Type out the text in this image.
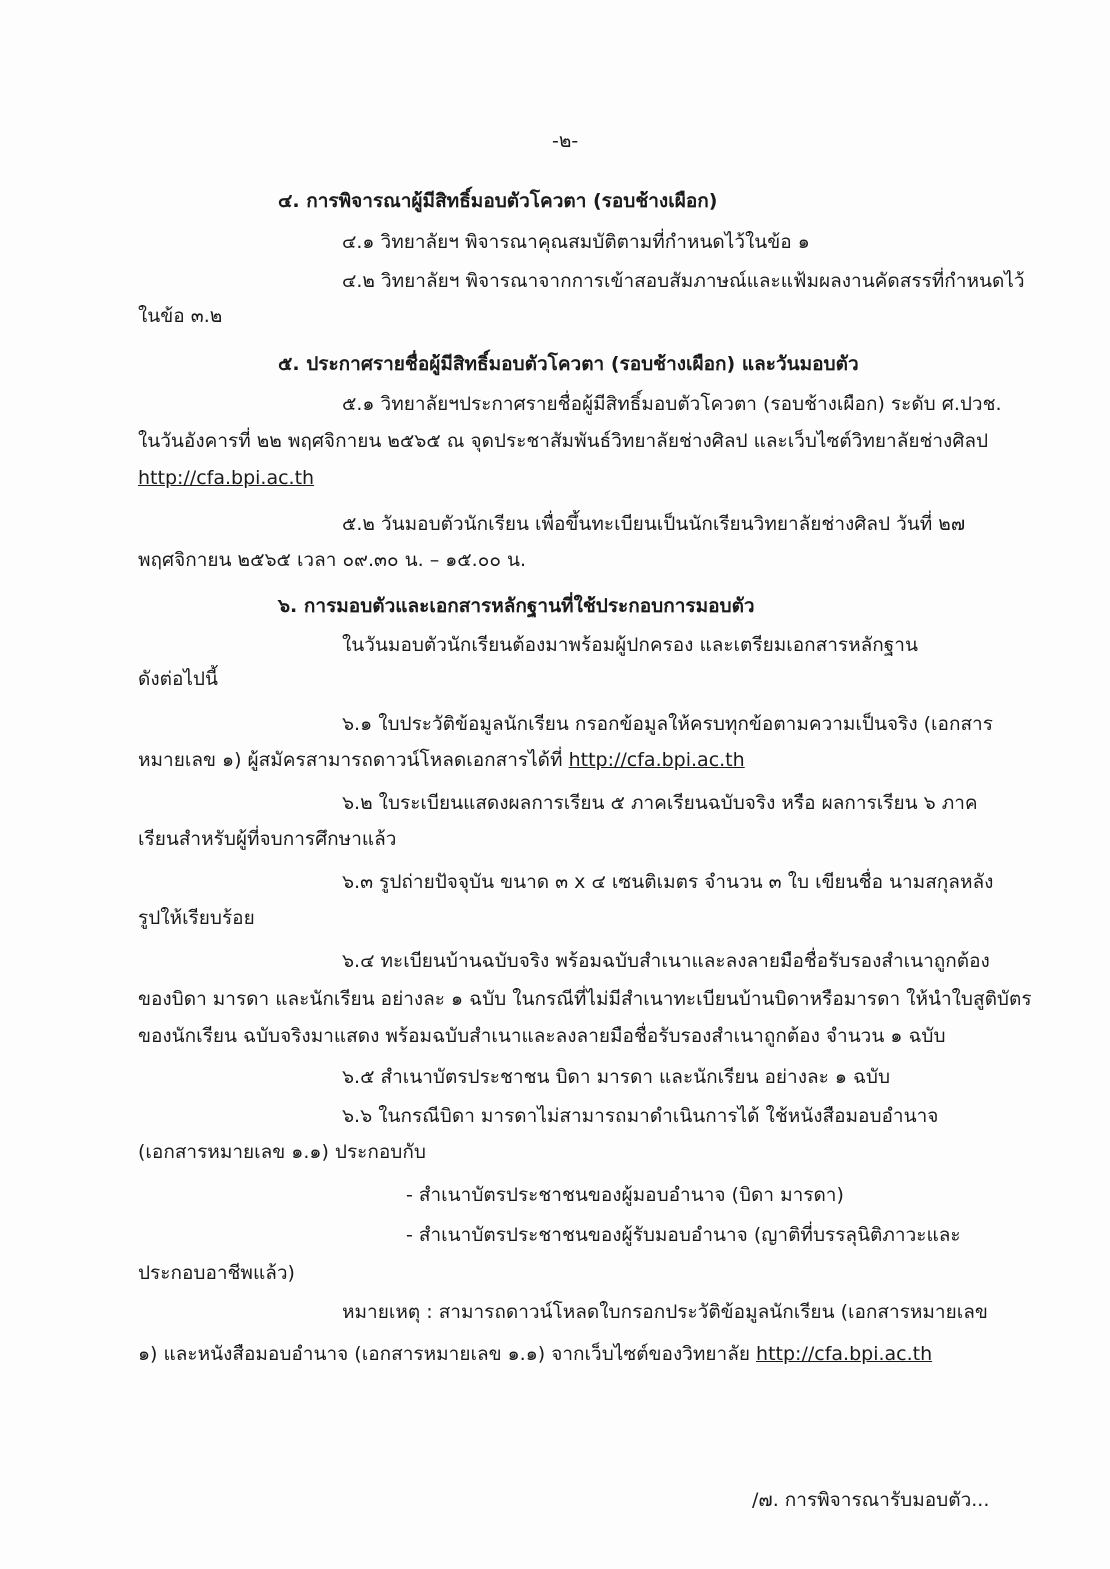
-๒-
๔. การพิจารณาผู้มีสิทธิ์มอบตัวโควตา (รอบช้างเผือก)
๔.๑ วิทยาลัยฯ พิจารณาคุณสมบัติตามที่กำหนดไว้ในข้อ ๑
๔.๒ วิทยาลัยฯ พิจารณาจากการเข้าสอบสัมภาษณ์และแฟ้มผลงานคัดสรรที่กำหนดไว้
ในข้อ ๓.๒
๕. ประกาศรายชื่อผู้มีสิทธิ์มอบตัวโควตา (รอบช้างเผือก) และวันมอบตัว
๕.๑ วิทยาลัยฯประกาศรายชื่อผู้มีสิทธิ์มอบตัวโควตา (รอบช้างเผือก) ระดับ ศ.ปวช.
ในวันอังคารที่ ๒๒ พฤศจิกายน ๒๕๖๕ ณ จุดประชาสัมพันธ์วิทยาลัยช่างศิลป และเว็บไซต์วิทยาลัยช่างศิลป
http://cfa.bpi.ac.th
๕.๒ วันมอบตัวนักเรียน เพื่อขึ้นทะเบียนเป็นนักเรียนวิทยาลัยช่างศิลป วันที่ ๒๗
พฤศจิกายน ๒๕๖๕ เวลา ๐๙.๓๐ น. – ๑๕.๐๐ น.
๖. การมอบตัวและเอกสารหลักฐานที่ใช้ประกอบการมอบตัว
ในวันมอบตัวนักเรียนต้องมาพร้อมผู้ปกครอง และเตรียมเอกสารหลักฐาน
ดังต่อไปนี้
๖.๑ ใบประวัติข้อมูลนักเรียน กรอกข้อมูลให้ครบทุกข้อตามความเป็นจริง (เอกสาร
หมายเลข ๑) ผู้สมัครสามารถดาวน์โหลดเอกสารได้ที่ http://cfa.bpi.ac.th
๖.๒ ใบระเบียนแสดงผลการเรียน ๕ ภาคเรียนฉบับจริง หรือ ผลการเรียน ๖ ภาค
เรียนสำหรับผู้ที่จบการศึกษาแล้ว
๖.๓ รูปถ่ายปัจจุบัน ขนาด ๓ x ๔ เซนติเมตร จำนวน ๓ ใบ เขียนชื่อ นามสกุลหลัง
รูปให้เรียบร้อย
๖.๔ ทะเบียนบ้านฉบับจริง พร้อมฉบับสำเนาและลงลายมือชื่อรับรองสำเนาถูกต้อง
ของบิดา มารดา และนักเรียน อย่างละ ๑ ฉบับ ในกรณีที่ไม่มีสำเนาทะเบียนบ้านบิดาหรือมารดา ให้นำใบสูติบัตร
ของนักเรียน ฉบับจริงมาแสดง พร้อมฉบับสำเนาและลงลายมือชื่อรับรองสำเนาถูกต้อง จำนวน ๑ ฉบับ
๖.๕ สำเนาบัตรประชาชน บิดา มารดา และนักเรียน อย่างละ ๑ ฉบับ
๖.๖ ในกรณีบิดา มารดาไม่สามารถมาดำเนินการได้ ใช้หนังสือมอบอำนาจ
(เอกสารหมายเลข ๑.๑) ประกอบกับ
- สำเนาบัตรประชาชนของผู้มอบอำนาจ (บิดา มารดา)
- สำเนาบัตรประชาชนของผู้รับมอบอำนาจ (ญาติที่บรรลุนิติภาวะและ
ประกอบอาชีพแล้ว)
หมายเหตุ : สามารถดาวน์โหลดใบกรอกประวัติข้อมูลนักเรียน (เอกสารหมายเลข
๑) และหนังสือมอบอำนาจ (เอกสารหมายเลข ๑.๑) จากเว็บไซต์ของวิทยาลัย http://cfa.bpi.ac.th
/๗. การพิจารณารับมอบตัว...
